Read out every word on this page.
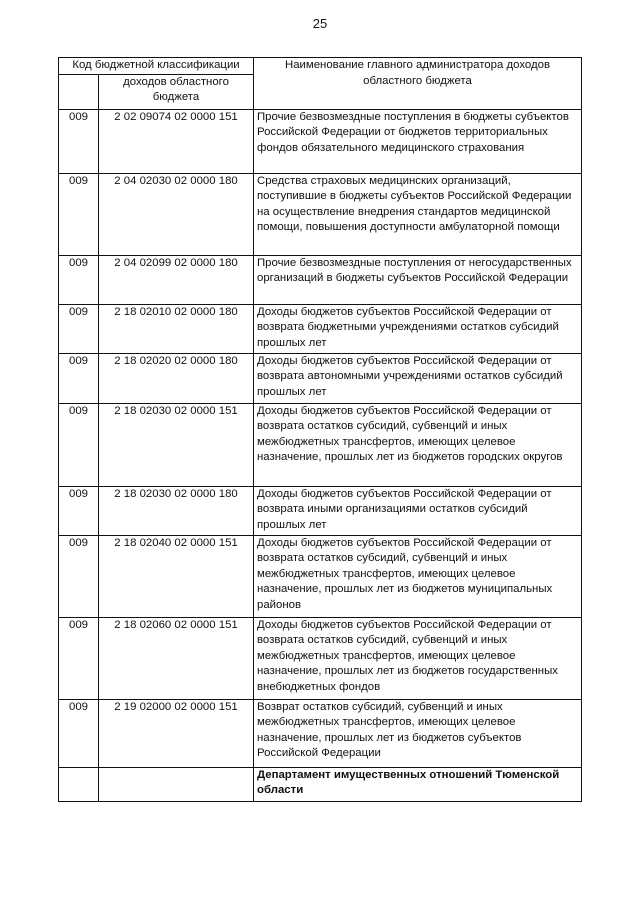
25
Код бюджетной классификации		Наименование главного администратора доходов областного бюджета
	доходов областного бюджета	
009	2 02 09074 02 0000 151	Прочие безвозмездные поступления в бюджеты субъектов Российской Федерации от бюджетов территориальных фондов обязательного медицинского страхования
009	2 04 02030 02 0000 180	Средства страховых медицинских организаций, поступившие в бюджеты субъектов Российской Федерации на осуществление внедрения стандартов медицинской помощи, повышения доступности амбулаторной помощи
009	2 04 02099 02 0000 180	Прочие безвозмездные поступления от негосударственных организаций в бюджеты субъектов Российской Федерации
009	2 18 02010 02 0000 180	Доходы бюджетов субъектов Российской Федерации от возврата бюджетными учреждениями остатков субсидий прошлых лет
009	2 18 02020 02 0000 180	Доходы бюджетов субъектов Российской Федерации от возврата автономными учреждениями остатков субсидий прошлых лет
009	2 18 02030 02 0000 151	Доходы бюджетов субъектов Российской Федерации от возврата остатков субсидий, субвенций и иных межбюджетных трансфертов, имеющих целевое назначение, прошлых лет из бюджетов городских округов
009	2 18 02030 02 0000 180	Доходы бюджетов субъектов Российской Федерации от возврата иными организациями остатков субсидий прошлых лет
009	2 18 02040 02 0000 151	Доходы бюджетов субъектов Российской Федерации от возврата остатков субсидий, субвенций и иных межбюджетных трансфертов, имеющих целевое назначение, прошлых лет из бюджетов муниципальных районов
009	2 18 02060 02 0000 151	Доходы бюджетов субъектов Российской Федерации от возврата остатков субсидий, субвенций и иных межбюджетных трансфертов, имеющих целевое назначение, прошлых лет из бюджетов государственных внебюджетных фондов
009	2 19 02000 02 0000 151	Возврат остатков субсидий, субвенций и иных межбюджетных трансфертов, имеющих целевое назначение, прошлых лет из бюджетов субъектов Российской Федерации
		Департамент имущественных отношений Тюменской области
